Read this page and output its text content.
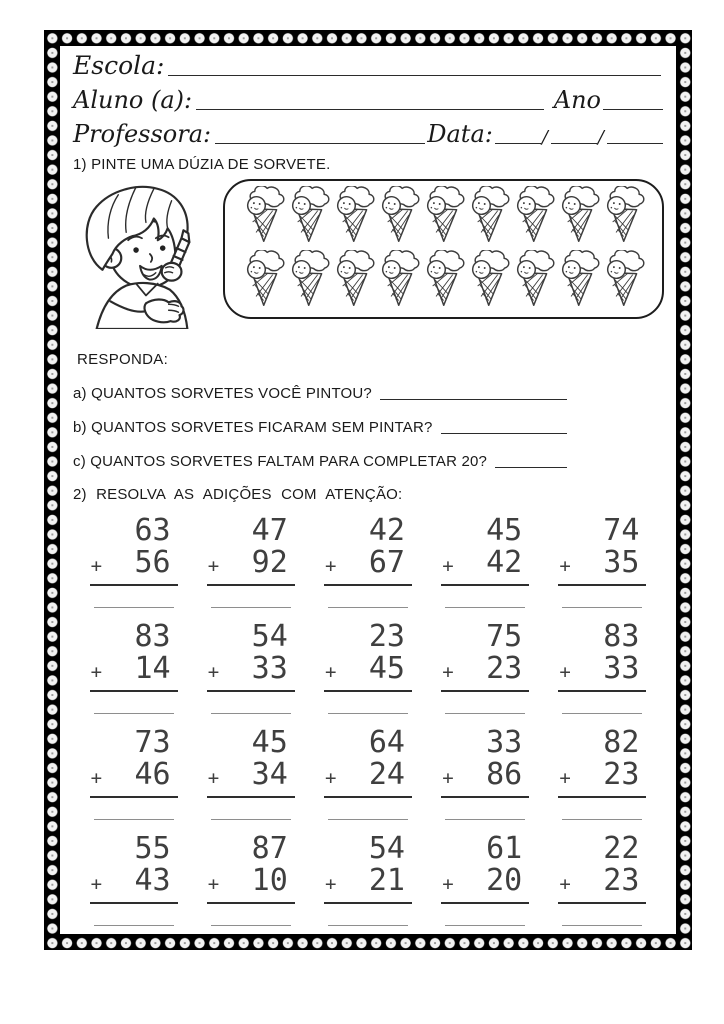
Escola:
Aluno (a):	Ano
Professora:	Data:	/	/
1) PINTE UMA DÚZIA DE SORVETE.
RESPONDA:
a) QUANTOS SORVETES VOCÊ PINTOU?
b) QUANTOS SORVETES FICARAM SEM PINTAR?
c) QUANTOS SORVETES FALTAM PARA COMPLETAR 20?
2) RESOLVA AS ADIÇÕES COM ATENÇÃO:
63
+ 56
47
+ 92
42
+ 67
45
+ 42
74
+ 35
83
+ 14
54
+ 33
23
+ 45
75
+ 23
83
+ 33
73
+ 46
45
+ 34
64
+ 24
33
+ 86
82
+ 23
55
+ 43
87
+ 10
54
+ 21
61
+ 20
22
+ 23
